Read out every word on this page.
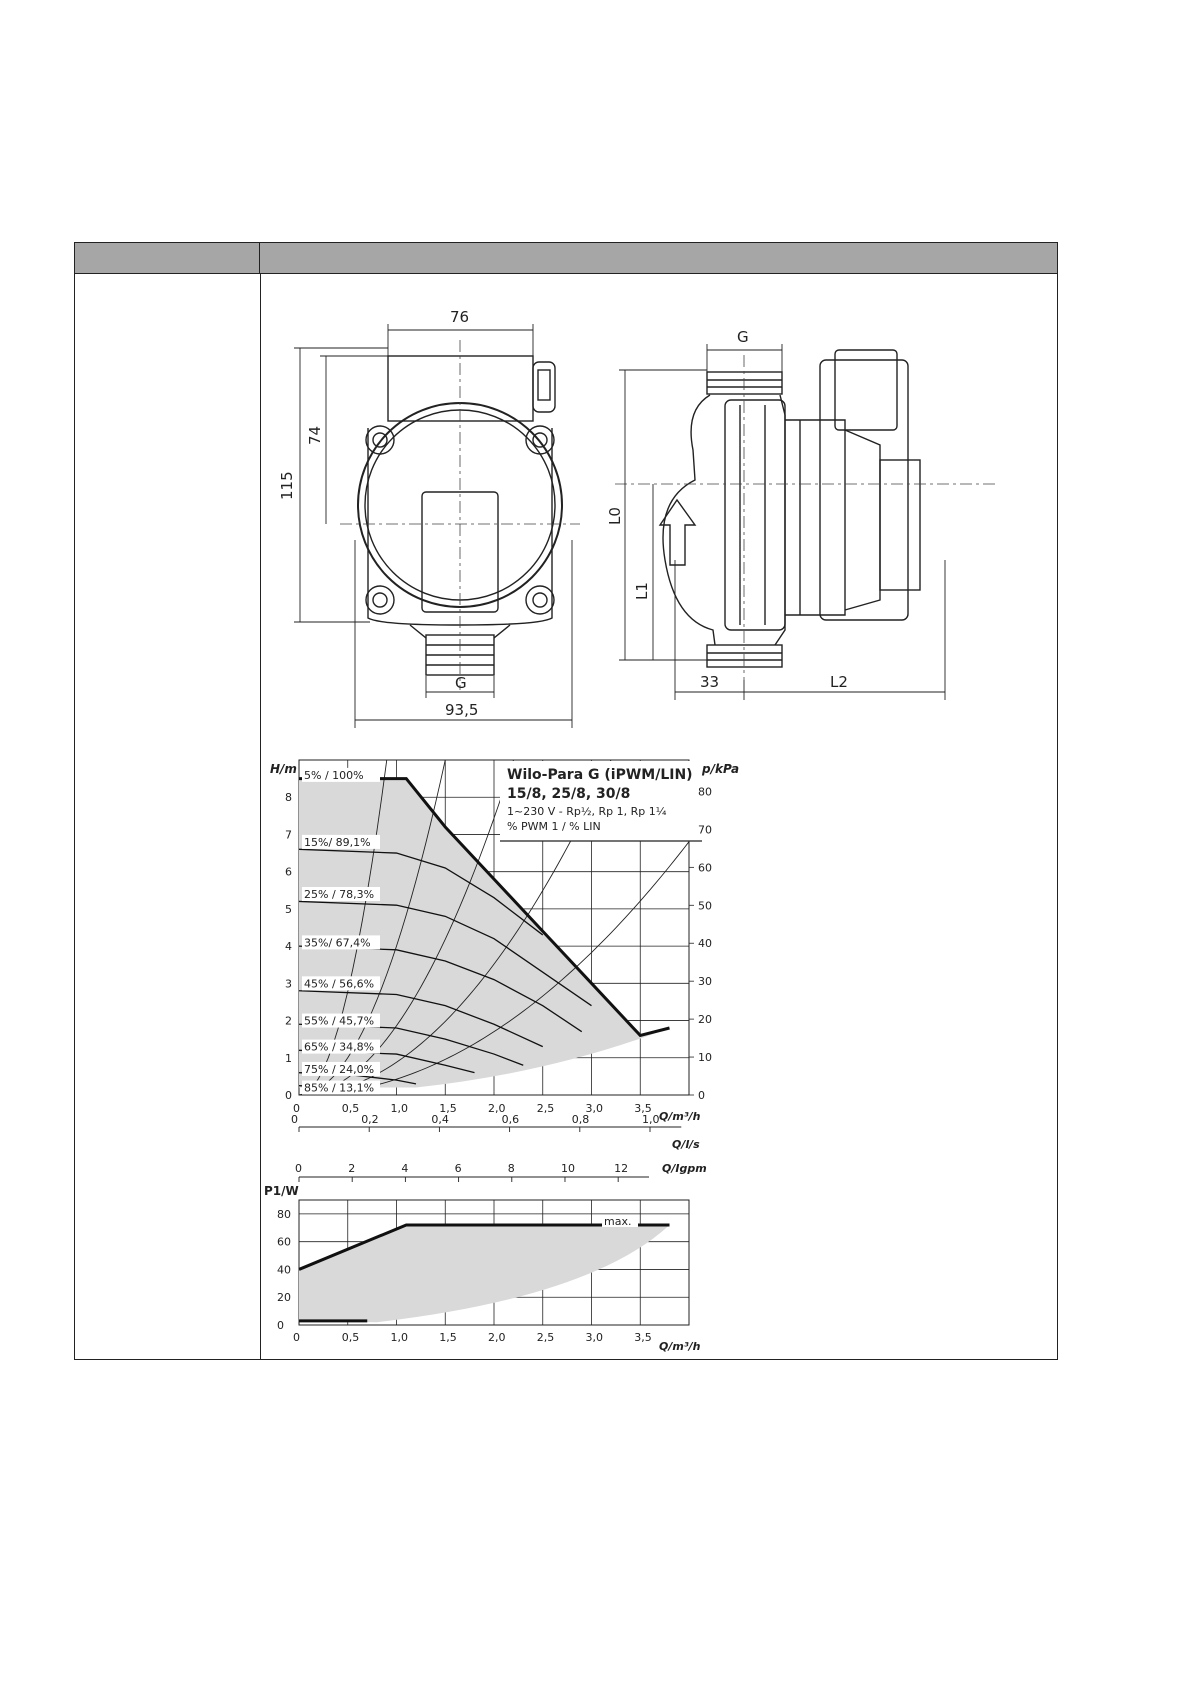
76
115
74
G
93,5
G
L0
L1
33	L2
0	0,5	1,0	1,5	2,0	2,5	3,0	3,5
0
1
2
3
4
5
6
7
8
0
10
20
30
40
50
60
70
80
0	0,2	0,4	0,6	0,8	1,0
5% / 100%
15%/ 89,1%
25% / 78,3%
35%/ 67,4%
45% / 56,6%
55% / 45,7%
65% / 34,8%
75% / 24,0%
85% / 13,1%
Wilo-Para G (iPWM/LIN)
15/8, 25/8, 30/8
1~230 V - Rp½, Rp 1, Rp 1¼
% PWM 1 / % LIN
H/m	p/kPa
Q/m³/h
Q/l/s
0	2	4	6	8	10	12
0	0,5	1,0	1,5	2,0	2,5	3,0	3,5
0
20
40
60
80
Q/Igpm
P1/W
max.
Q/m³/h
